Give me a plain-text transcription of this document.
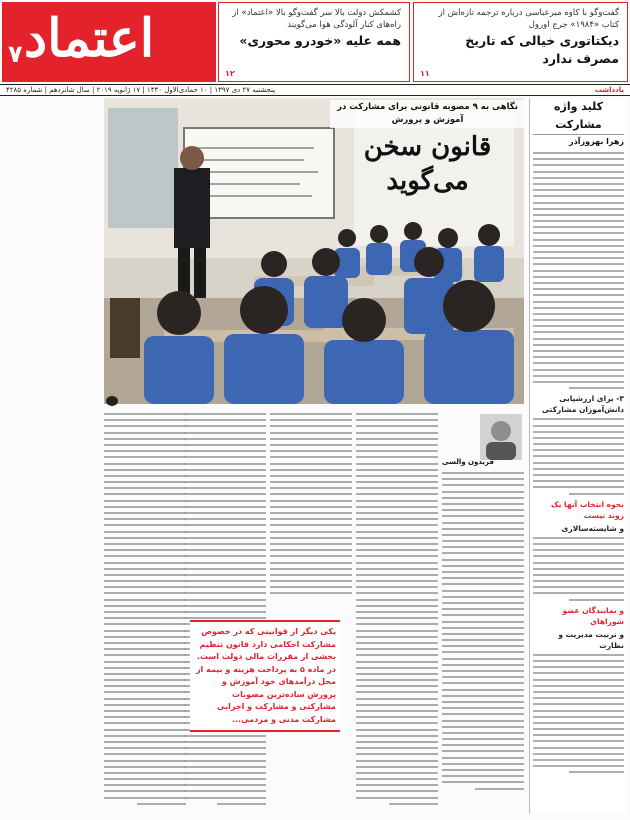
اعتماد
۷
کشمکش دولت بالا سر گفت‌وگو بالا «اعتماد» از راه‌های کنار آلودگی هوا می‌گویند
همه علیه «خودرو محوری»
۱۲
گفت‌وگو با کاوه میرعباسی درباره ترجمه تازه‌اش از کتاب «۱۹۸۴» جرج اورول
دیکتاتوری خیالی که تاریخ مصرف ندارد
۱۱
یادداشت
پنجشنبه ۲۷ دی ۱۳۹۷ | ۱۰ جمادی‌الاول ۱۴۴۰ | ۱۷ ژانویه ۲۰۱۹ | سال شانزدهم | شماره ۴۲۸۵
کلید واژه مشارکت
زهرا بهروزآذر
۳- برای ارزشیابی دانش‌آموزان مشارکتی
نحوه انتخاب آنها یک روند نیست
و شایسته‌سالاری
و نمایندگان عضو شوراهای
و تربیت مدیریت و نظارت
نگاهی به ۹ مصوبه قانونی برای مشارکت در آموزش و پرورش
قانون سخن می‌گوید
فریدون والسی

یکی دیگر از قوانینی که در خصوص مشارکت احکامی دارد قانون تنظیم بخشی از مقررات مالی دولت است. در ماده ۵ به پرداخت هزینه و بیمه از محل درآمدهای خود آموزش و پرورش ساده‌ترین مصوبات مشارکتی و مشارکت و اجرایی مشارکت مدنی و مردمی...
